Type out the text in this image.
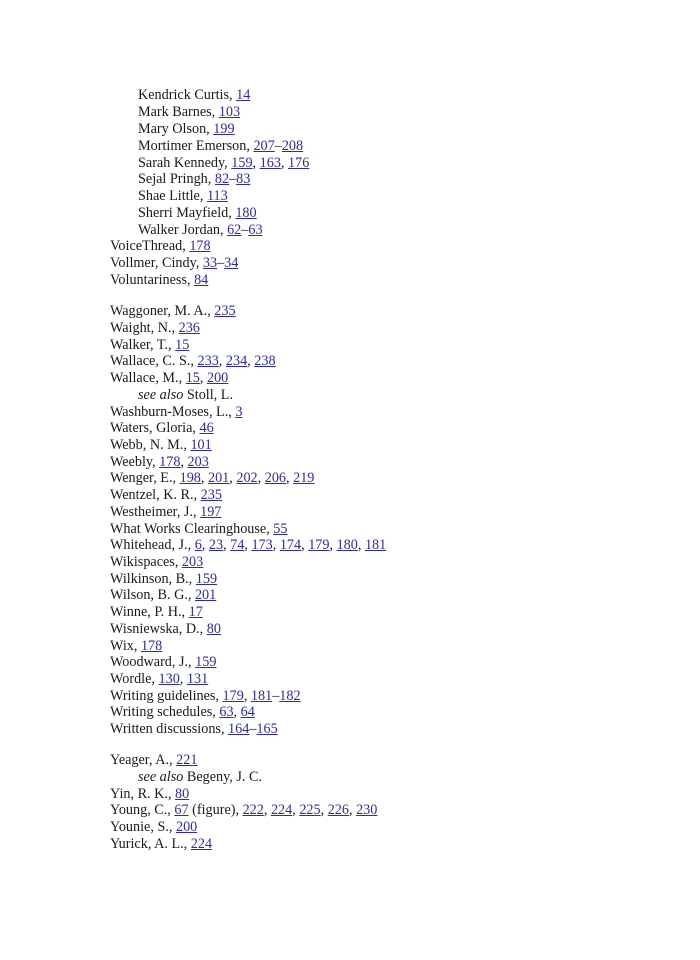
Kendrick Curtis, 14
Mark Barnes, 103
Mary Olson, 199
Mortimer Emerson, 207–208
Sarah Kennedy, 159, 163, 176
Sejal Pringh, 82–83
Shae Little, 113
Sherri Mayfield, 180
Walker Jordan, 62–63
VoiceThread, 178
Vollmer, Cindy, 33–34
Voluntariness, 84
Waggoner, M. A., 235
Waight, N., 236
Walker, T., 15
Wallace, C. S., 233, 234, 238
Wallace, M., 15, 200
see also Stoll, L.
Washburn-Moses, L., 3
Waters, Gloria, 46
Webb, N. M., 101
Weebly, 178, 203
Wenger, E., 198, 201, 202, 206, 219
Wentzel, K. R., 235
Westheimer, J., 197
What Works Clearinghouse, 55
Whitehead, J., 6, 23, 74, 173, 174, 179, 180, 181
Wikispaces, 203
Wilkinson, B., 159
Wilson, B. G., 201
Winne, P. H., 17
Wisniewska, D., 80
Wix, 178
Woodward, J., 159
Wordle, 130, 131
Writing guidelines, 179, 181–182
Writing schedules, 63, 64
Written discussions, 164–165
Yeager, A., 221
see also Begeny, J. C.
Yin, R. K., 80
Young, C., 67 (figure), 222, 224, 225, 226, 230
Younie, S., 200
Yurick, A. L., 224
